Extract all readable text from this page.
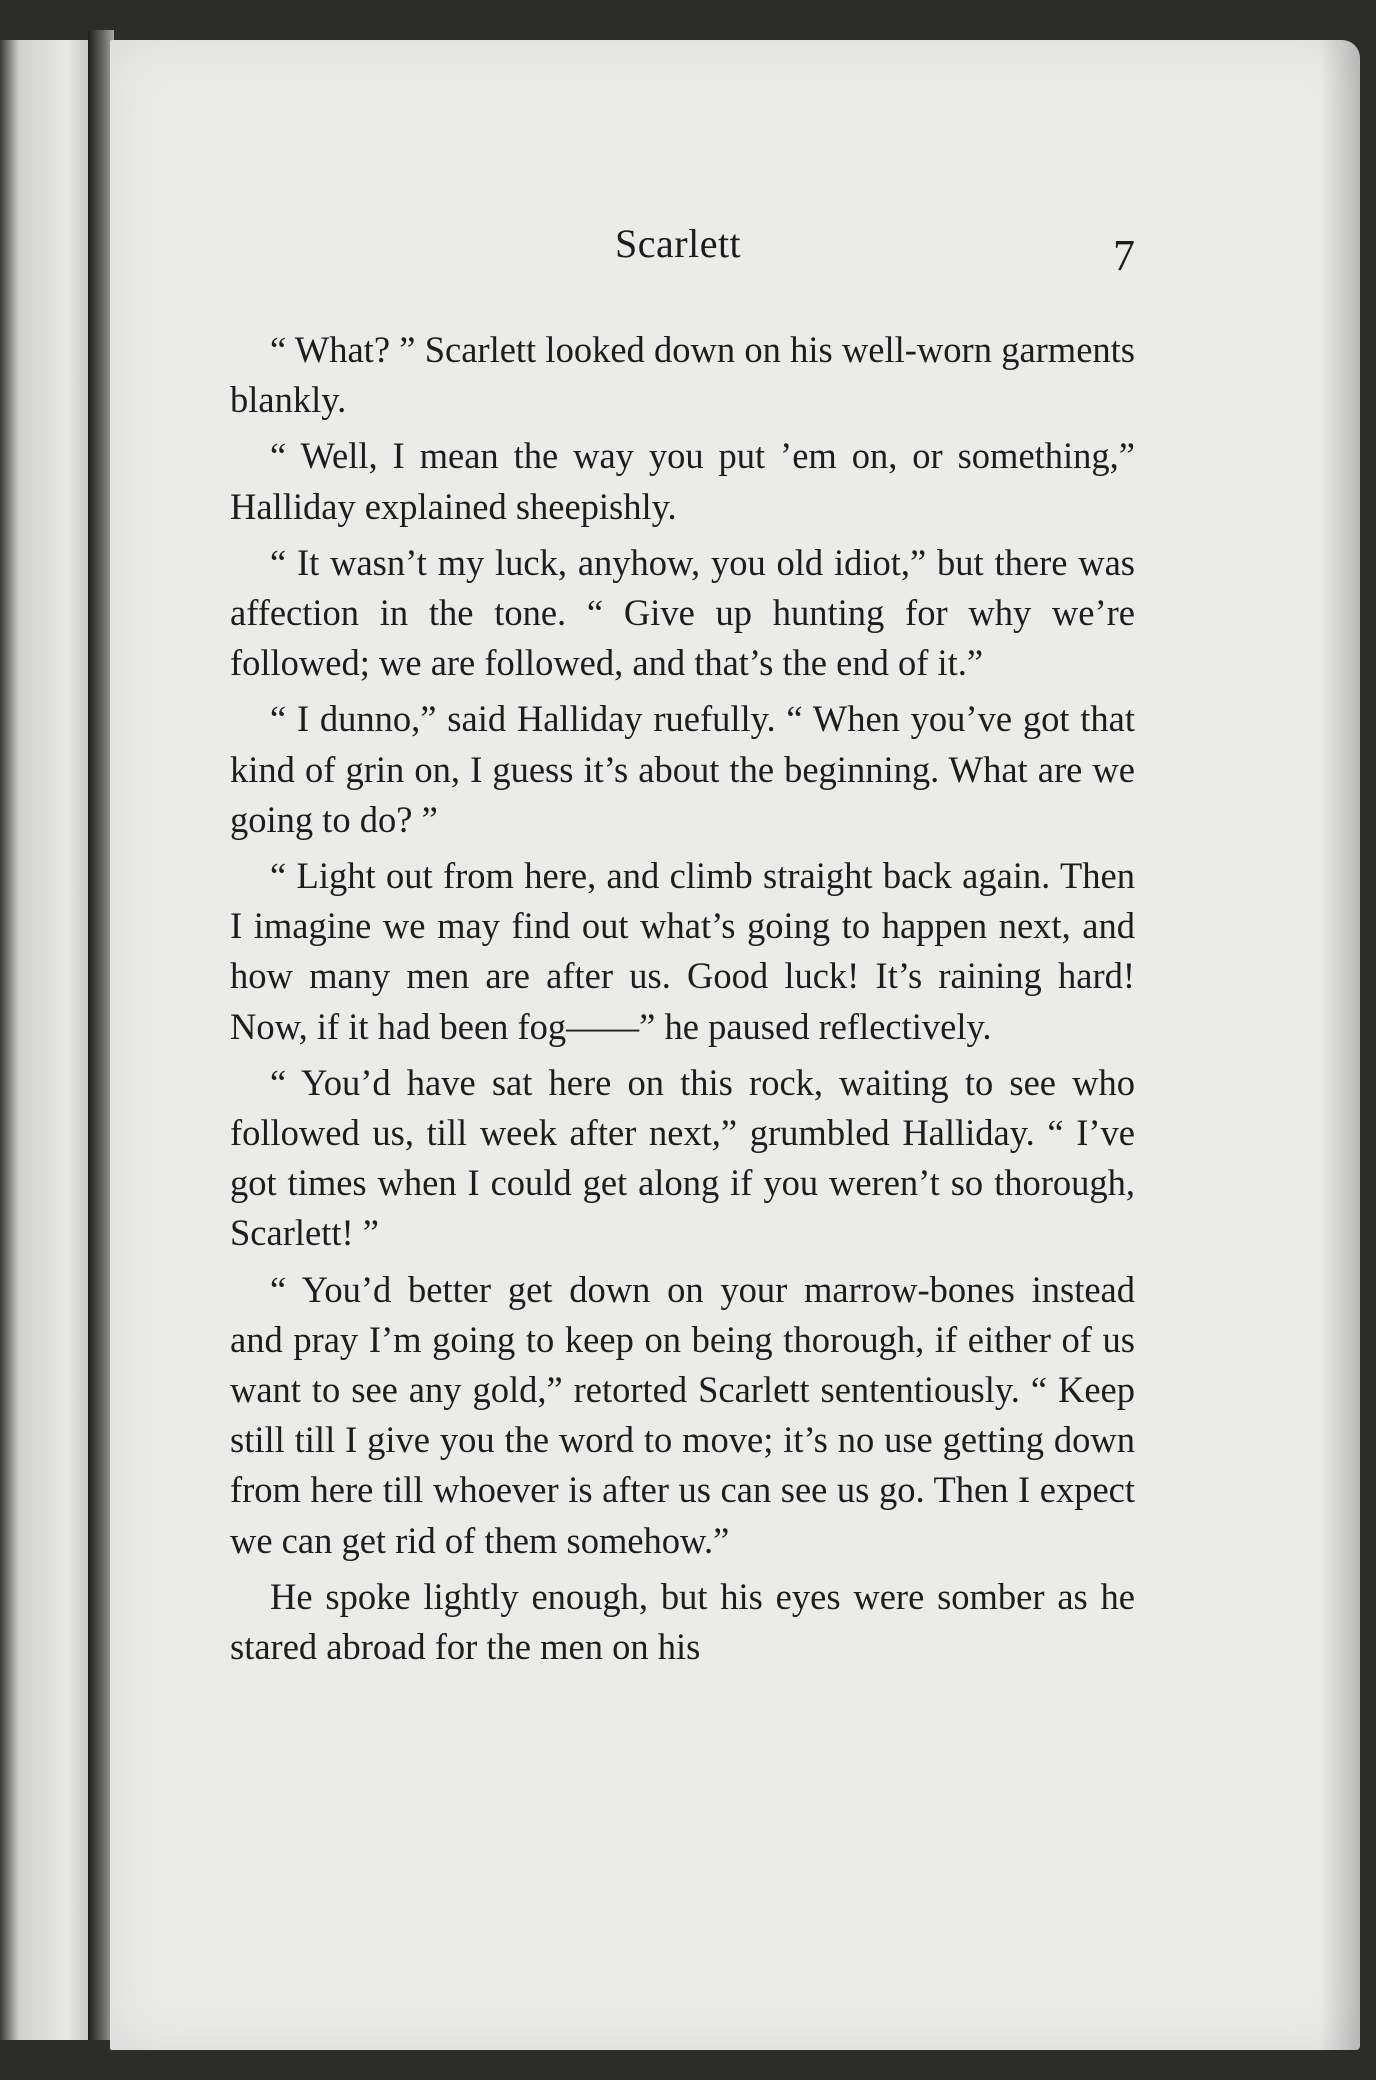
Scarlett	7

“ What? ” Scarlett looked down on his well-worn garments blankly.

“ Well, I mean the way you put ’em on, or something,” Halliday explained sheepishly.

“ It wasn’t my luck, anyhow, you old idiot,” but there was affection in the tone. “ Give up hunting for why we’re followed; we are followed, and that’s the end of it.”

“ I dunno,” said Halliday ruefully. “ When you’ve got that kind of grin on, I guess it’s about the beginning. What are we going to do? ”

“ Light out from here, and climb straight back again. Then I imagine we may find out what’s going to happen next, and how many men are after us. Good luck! It’s raining hard! Now, if it had been fog——” he paused reflectively.

“ You’d have sat here on this rock, waiting to see who followed us, till week after next,” grumbled Halliday. “ I’ve got times when I could get along if you weren’t so thorough, Scarlett! ”

“ You’d better get down on your marrow-bones instead and pray I’m going to keep on being thorough, if either of us want to see any gold,” retorted Scarlett sententiously. “ Keep still till I give you the word to move; it’s no use getting down from here till whoever is after us can see us go. Then I expect we can get rid of them somehow.”

He spoke lightly enough, but his eyes were somber as he stared abroad for the men on his
